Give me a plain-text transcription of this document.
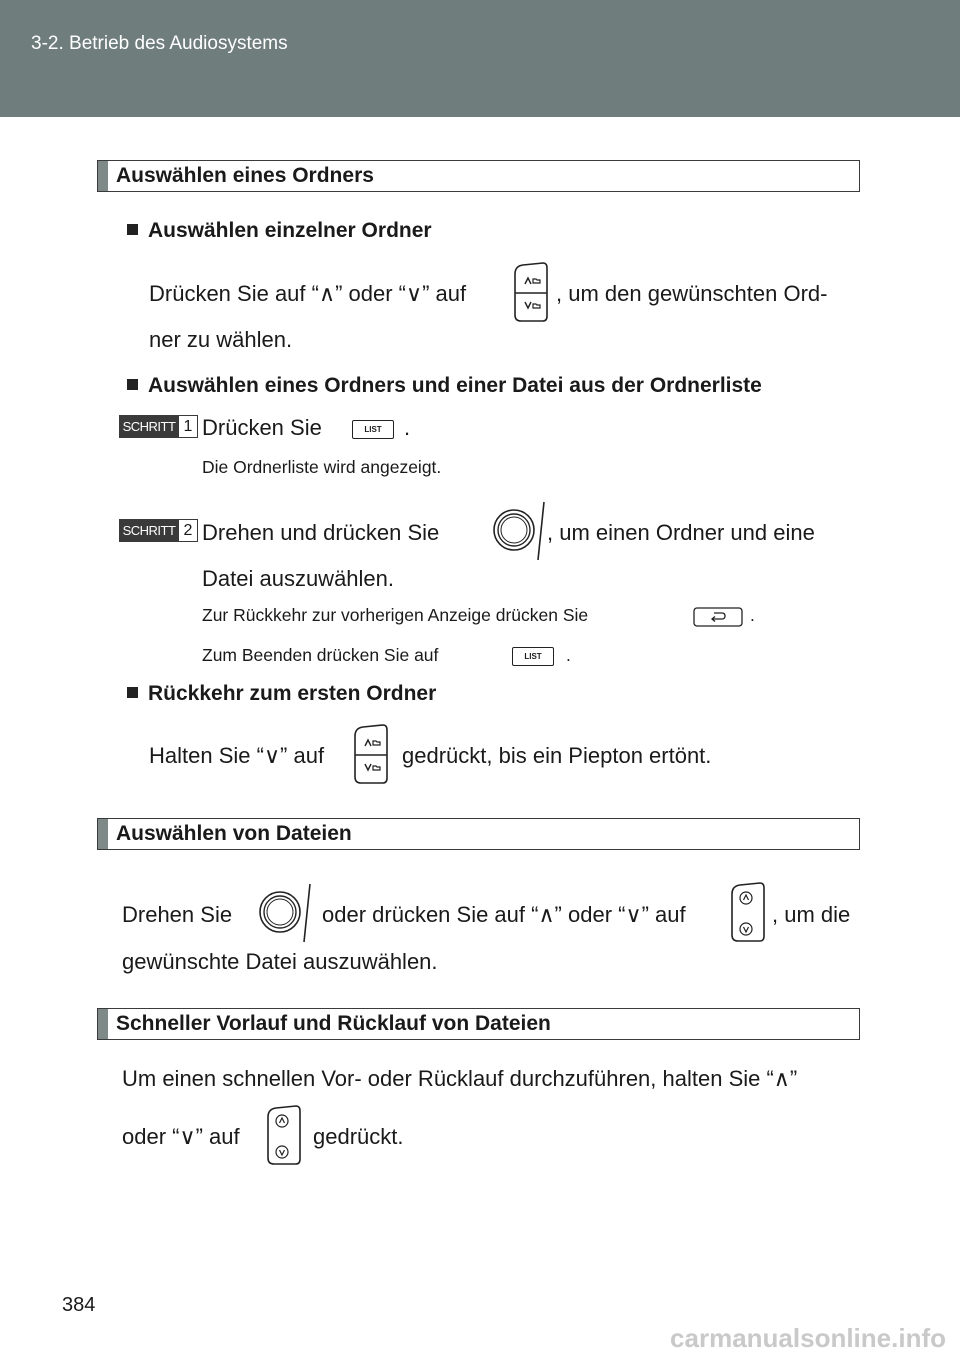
3-2. Betrieb des Audiosystems
Auswählen eines Ordners
Auswählen einzelner Ordner
Drücken Sie auf “∧” oder “∨” auf	, um den gewünschten Ord-
ner zu wählen.
Auswählen eines Ordners und einer Datei aus der Ordnerliste
SCHRITT 1 Drücken Sie	LIST	.
Die Ordnerliste wird angezeigt.
SCHRITT 2 Drehen und drücken Sie	, um einen Ordner und eine
Datei auszuwählen.
Zur Rückkehr zur vorherigen Anzeige drücken Sie	.
Zum Beenden drücken Sie auf	LIST	.
Rückkehr zum ersten Ordner
Halten Sie “∨” auf	gedrückt, bis ein Piepton ertönt.
Auswählen von Dateien
Drehen Sie	oder drücken Sie auf “∧” oder “∨” auf	, um die
gewünschte Datei auszuwählen.
Schneller Vorlauf und Rücklauf von Dateien
Um einen schnellen Vor- oder Rücklauf durchzuführen, halten Sie “∧”
oder “∨” auf	gedrückt.
384
carmanualsonline.info
